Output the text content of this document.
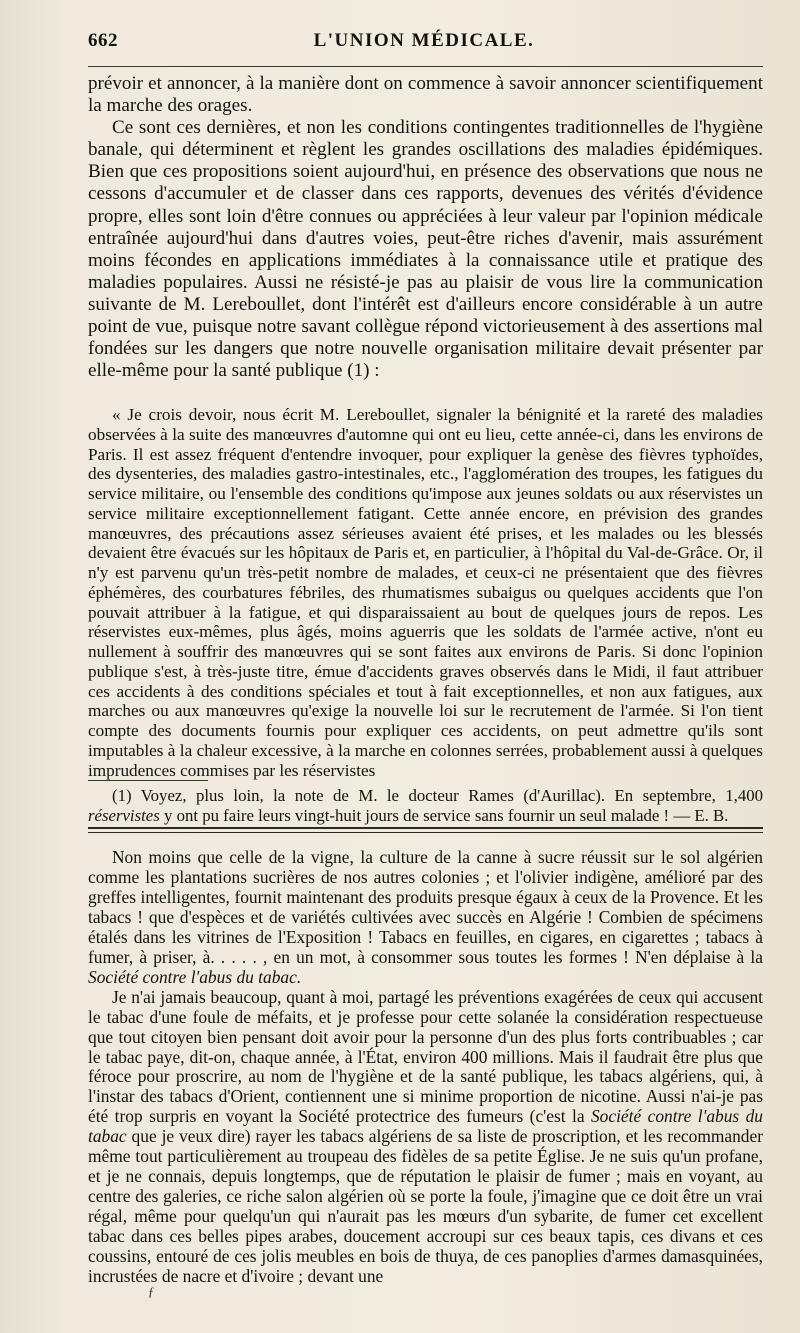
662	L'UNION MÉDICALE.

prévoir et annoncer, à la manière dont on commence à savoir annoncer scientifiquement la marche des orages.

Ce sont ces dernières, et non les conditions contingentes traditionnelles de l'hygiène banale, qui déterminent et règlent les grandes oscillations des maladies épidémiques. Bien que ces propositions soient aujourd'hui, en présence des observations que nous ne cessons d'accumuler et de classer dans ces rapports, devenues des vérités d'évidence propre, elles sont loin d'être connues ou appréciées à leur valeur par l'opinion médicale entraînée aujourd'hui dans d'autres voies, peut-être riches d'avenir, mais assurément moins fécondes en applications immédiates à la connaissance utile et pratique des maladies populaires. Aussi ne résisté-je pas au plaisir de vous lire la communication suivante de M. Lereboullet, dont l'intérêt est d'ailleurs encore considérable à un autre point de vue, puisque notre savant collègue répond victorieusement à des assertions mal fondées sur les dangers que notre nouvelle organisation militaire devait présenter par elle-même pour la santé publique (1) :

« Je crois devoir, nous écrit M. Lereboullet, signaler la bénignité et la rareté des maladies observées à la suite des manœuvres d'automne qui ont eu lieu, cette année-ci, dans les environs de Paris. Il est assez fréquent d'entendre invoquer, pour expliquer la genèse des fièvres typhoïdes, des dysenteries, des maladies gastro-intestinales, etc., l'agglomération des troupes, les fatigues du service militaire, ou l'ensemble des conditions qu'impose aux jeunes soldats ou aux réservistes un service militaire exceptionnellement fatigant. Cette année encore, en prévision des grandes manœuvres, des précautions assez sérieuses avaient été prises, et les malades ou les blessés devaient être évacués sur les hôpitaux de Paris et, en particulier, à l'hôpital du Val-de-Grâce. Or, il n'y est parvenu qu'un très-petit nombre de malades, et ceux-ci ne présentaient que des fièvres éphémères, des courbatures fébriles, des rhumatismes subaigus ou quelques accidents que l'on pouvait attribuer à la fatigue, et qui disparaissaient au bout de quelques jours de repos. Les réservistes eux-mêmes, plus âgés, moins aguerris que les soldats de l'armée active, n'ont eu nullement à souffrir des manœuvres qui se sont faites aux environs de Paris. Si donc l'opinion publique s'est, à très-juste titre, émue d'accidents graves observés dans le Midi, il faut attribuer ces accidents à des conditions spéciales et tout à fait exceptionnelles, et non aux fatigues, aux marches ou aux manœuvres qu'exige la nouvelle loi sur le recrutement de l'armée. Si l'on tient compte des documents fournis pour expliquer ces accidents, on peut admettre qu'ils sont imputables à la chaleur excessive, à la marche en colonnes serrées, probablement aussi à quelques imprudences commises par les réservistes

(1) Voyez, plus loin, la note de M. le docteur Rames (d'Aurillac). En septembre, 1,400 réservistes y ont pu faire leurs vingt-huit jours de service sans fournir un seul malade ! — E. B.

Non moins que celle de la vigne, la culture de la canne à sucre réussit sur le sol algérien comme les plantations sucrières de nos autres colonies ; et l'olivier indigène, amélioré par des greffes intelligentes, fournit maintenant des produits presque égaux à ceux de la Provence. Et les tabacs ! que d'espèces et de variétés cultivées avec succès en Algérie ! Combien de spécimens étalés dans les vitrines de l'Exposition ! Tabacs en feuilles, en cigares, en cigarettes ; tabacs à fumer, à priser, à. . . . . , en un mot, à consommer sous toutes les formes ! N'en déplaise à la Société contre l'abus du tabac.

Je n'ai jamais beaucoup, quant à moi, partagé les préventions exagérées de ceux qui accusent le tabac d'une foule de méfaits, et je professe pour cette solanée la considération respectueuse que tout citoyen bien pensant doit avoir pour la personne d'un des plus forts contribuables ; car le tabac paye, dit-on, chaque année, à l'État, environ 400 millions. Mais il faudrait être plus que féroce pour proscrire, au nom de l'hygiène et de la santé publique, les tabacs algériens, qui, à l'instar des tabacs d'Orient, contiennent une si minime proportion de nicotine. Aussi n'ai-je pas été trop surpris en voyant la Société protectrice des fumeurs (c'est la Société contre l'abus du tabac que je veux dire) rayer les tabacs algériens de sa liste de proscription, et les recommander même tout particulièrement au troupeau des fidèles de sa petite Église. Je ne suis qu'un profane, et je ne connais, depuis longtemps, que de réputation le plaisir de fumer ; mais en voyant, au centre des galeries, ce riche salon algérien où se porte la foule, j'imagine que ce doit être un vrai régal, même pour quelqu'un qui n'aurait pas les mœurs d'un sybarite, de fumer cet excellent tabac dans ces belles pipes arabes, doucement accroupi sur ces beaux tapis, ces divans et ces coussins, entouré de ces jolis meubles en bois de thuya, de ces panoplies d'armes damasquinées, incrustées de nacre et d'ivoire ; devant une

ƒ
